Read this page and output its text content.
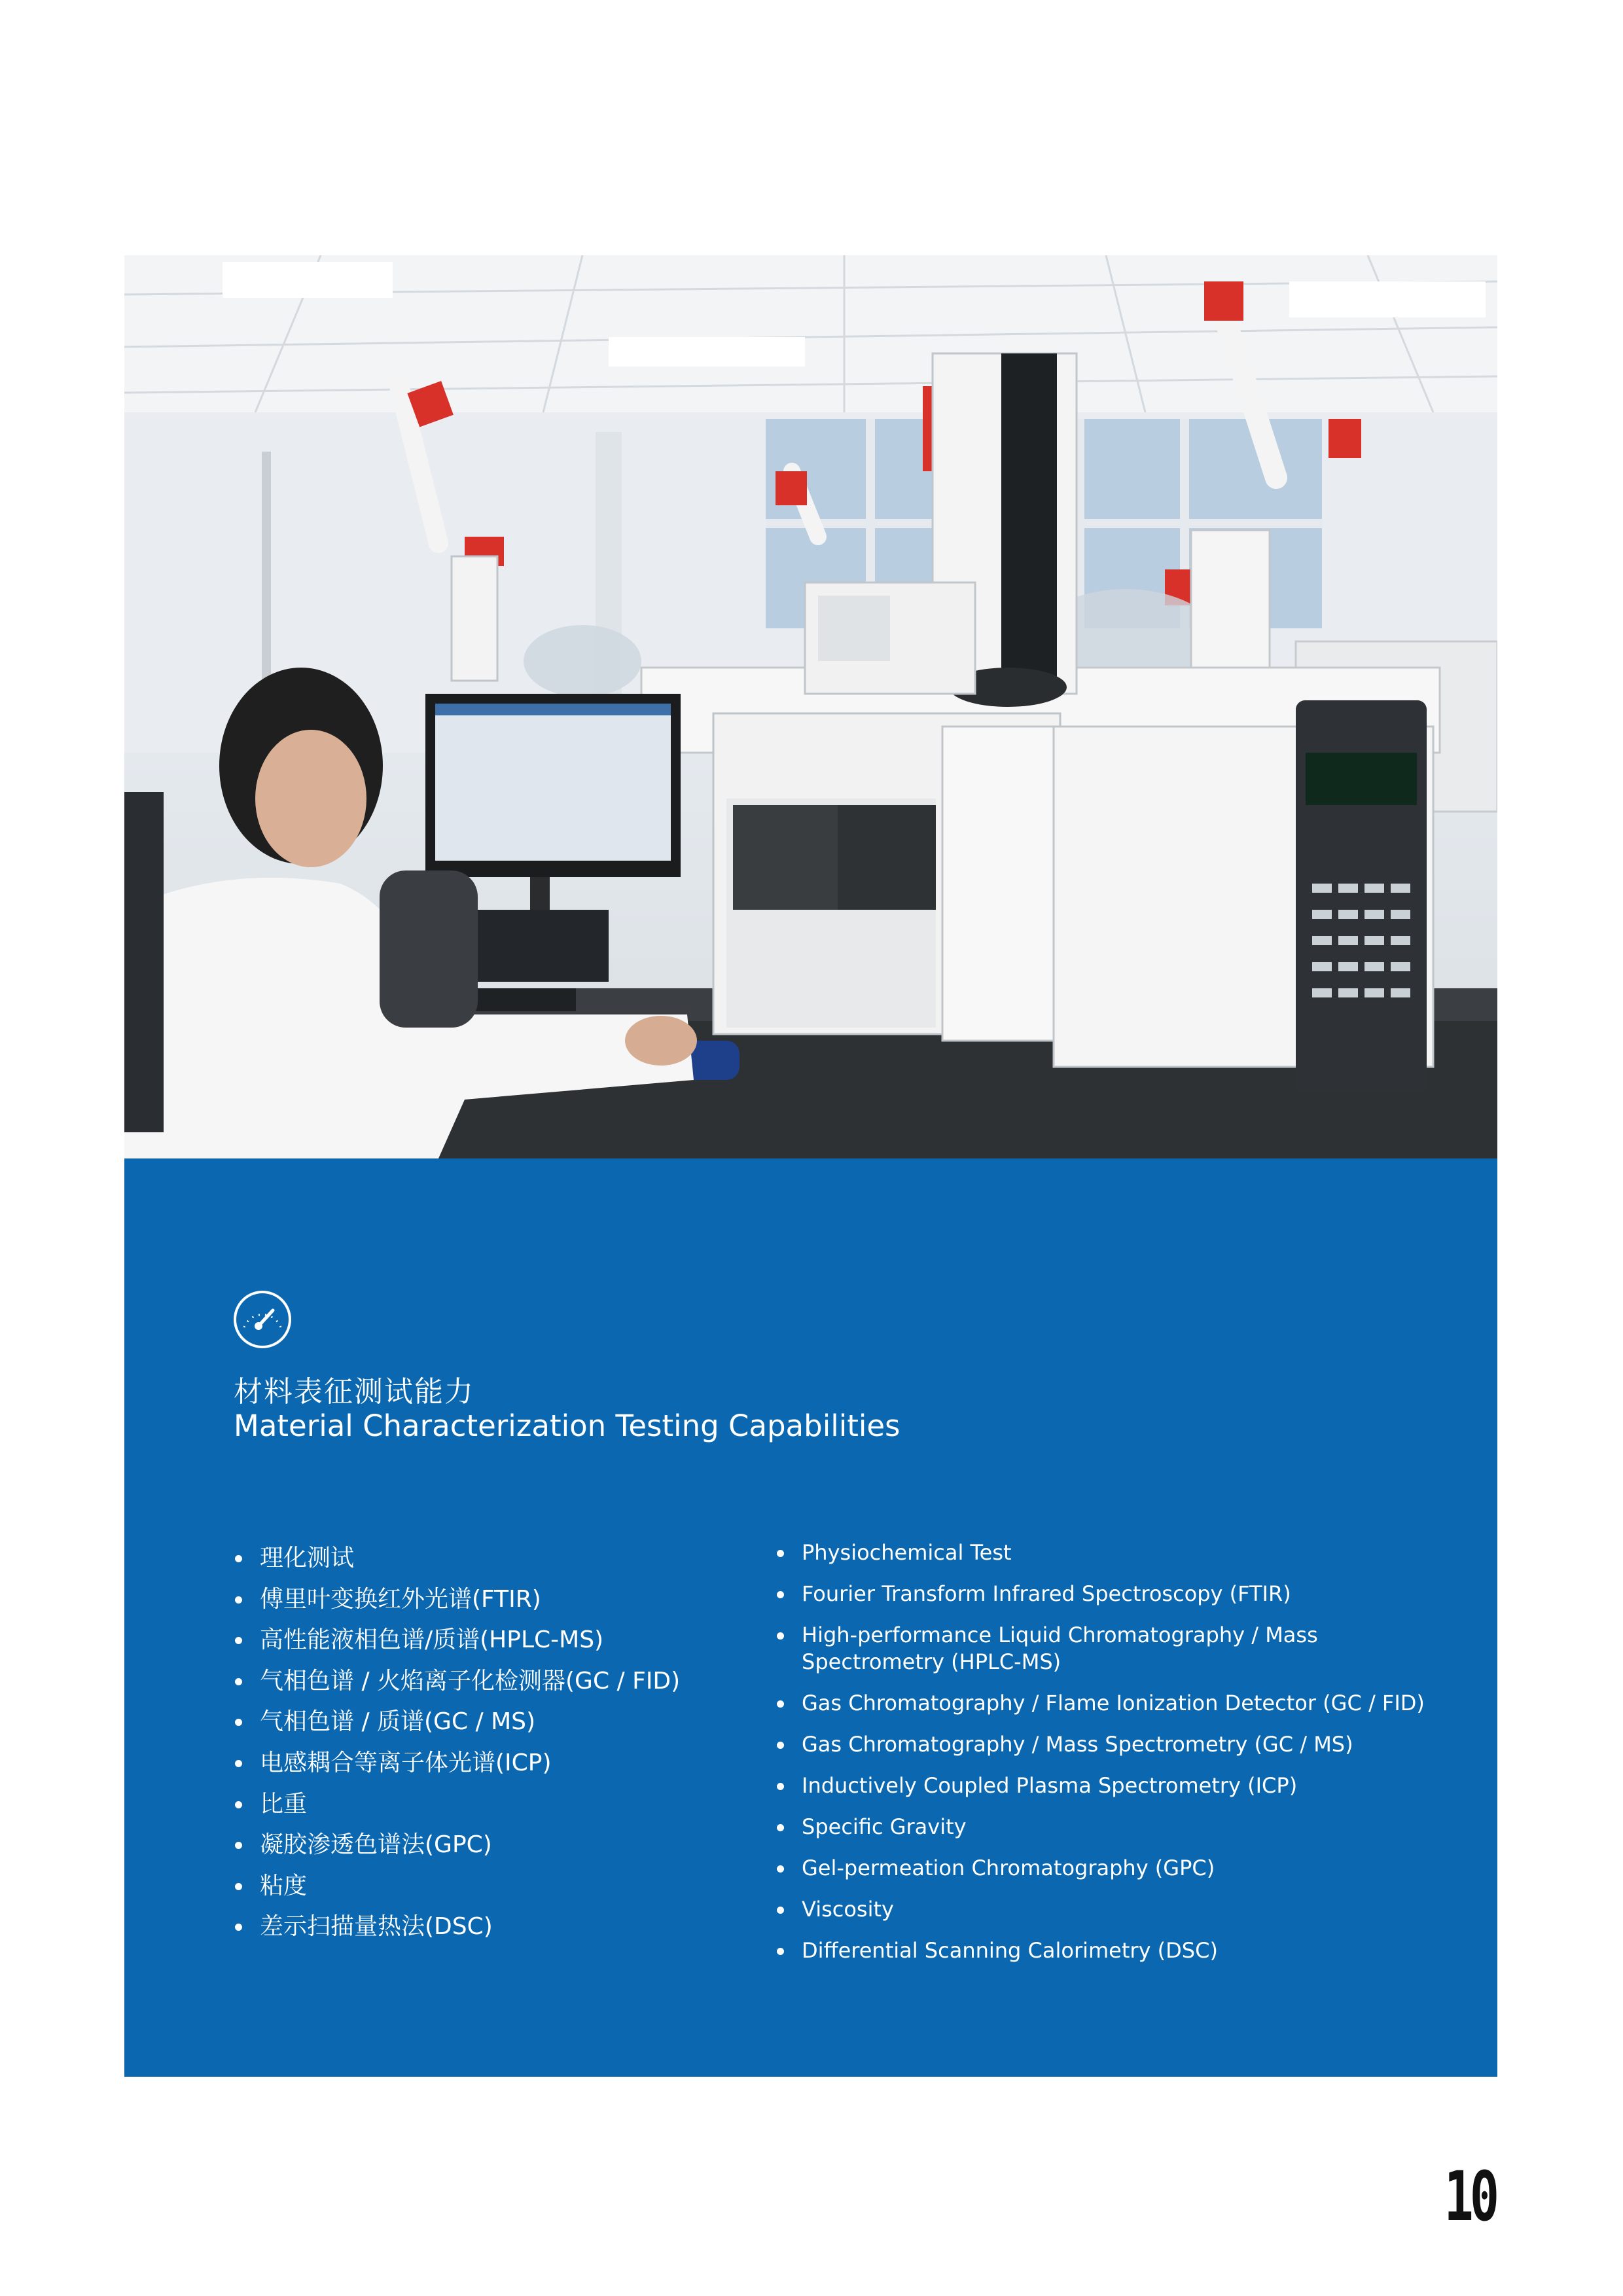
材料表征测试能力
Material Characterization Testing Capabilities
理化测试
傅里叶变换红外光谱(FTIR)
高性能液相色谱/质谱(HPLC-MS)
气相色谱 / 火焰离子化检测器(GC / FID)
气相色谱 / 质谱(GC / MS)
电感耦合等离子体光谱(ICP)
比重
凝胶渗透色谱法(GPC)
粘度
差示扫描量热法(DSC)
Physiochemical Test
Fourier Transform Infrared Spectroscopy (FTIR)
High-performance Liquid Chromatography / Mass Spectrometry (HPLC-MS)
Gas Chromatography / Flame Ionization Detector (GC / FID)
Gas Chromatography / Mass Spectrometry (GC / MS)
Inductively Coupled Plasma Spectrometry (ICP)
Specific Gravity
Gel-permeation Chromatography (GPC)
Viscosity
Differential Scanning Calorimetry (DSC)
10
